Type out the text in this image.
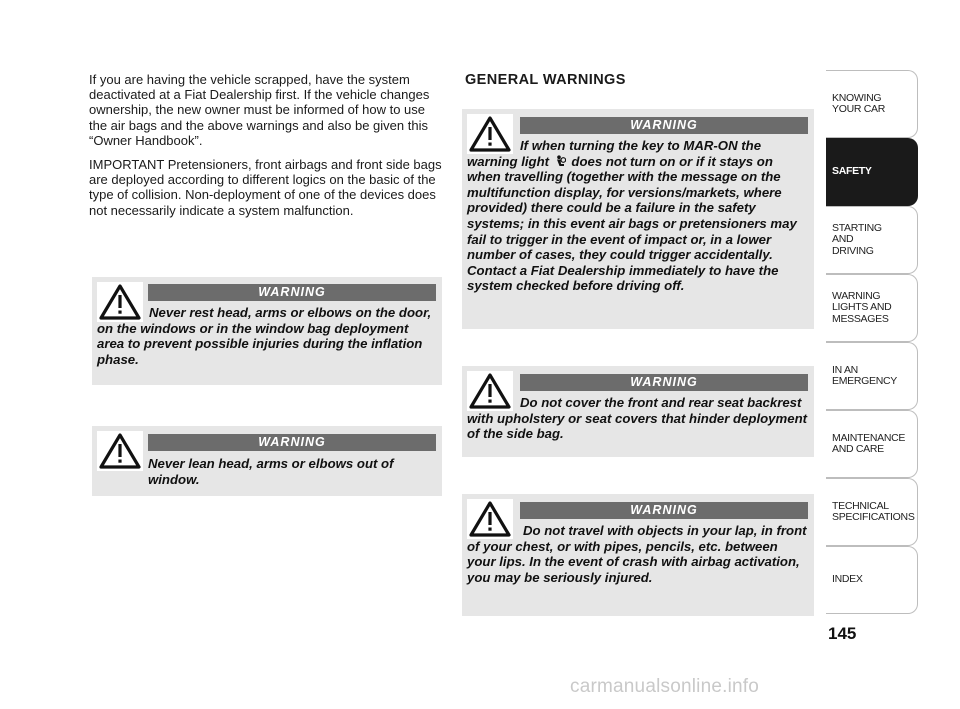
If you are having the vehicle scrapped, have the system deactivated at a Fiat Dealership first. If the vehicle changes ownership, the new owner must be informed of how to use the air bags and the above warnings and also be given this “Owner Handbook”.

IMPORTANT Pretensioners, front airbags and front side bags are deployed according to different logics on the basic of the type of collision. Non-deployment of one of the devices does not necessarily indicate a system malfunction.

GENERAL WARNINGS
WARNING
Never rest head, arms or elbows on the door, on the windows or in the window bag deployment area to prevent possible injuries during the inflation phase.
WARNING
Never lean head, arms or elbows out of window.
WARNING
If when turning the key to MAR-ON the warning light does not turn on or if it stays on when travelling (together with the message on the multifunction display, for versions/markets, where provided) there could be a failure in the safety systems; in this event air bags or pretensioners may fail to trigger in the event of impact or, in a lower number of cases, they could trigger accidentally. Contact a Fiat Dealership immediately to have the system checked before driving off.
WARNING
Do not cover the front and rear seat backrest with upholstery or seat covers that hinder deployment of the side bag.
WARNING
Do not travel with objects in your lap, in front of your chest, or with pipes, pencils, etc. between your lips. In the event of crash with airbag activation, you may be seriously injured.
KNOWING
YOUR CAR
SAFETY
STARTING
AND
DRIVING
WARNING
LIGHTS AND
MESSAGES
IN AN
EMERGENCY
MAINTENANCE
AND CARE
TECHNICAL
SPECIFICATIONS
INDEX
145
carmanualsonline.info
